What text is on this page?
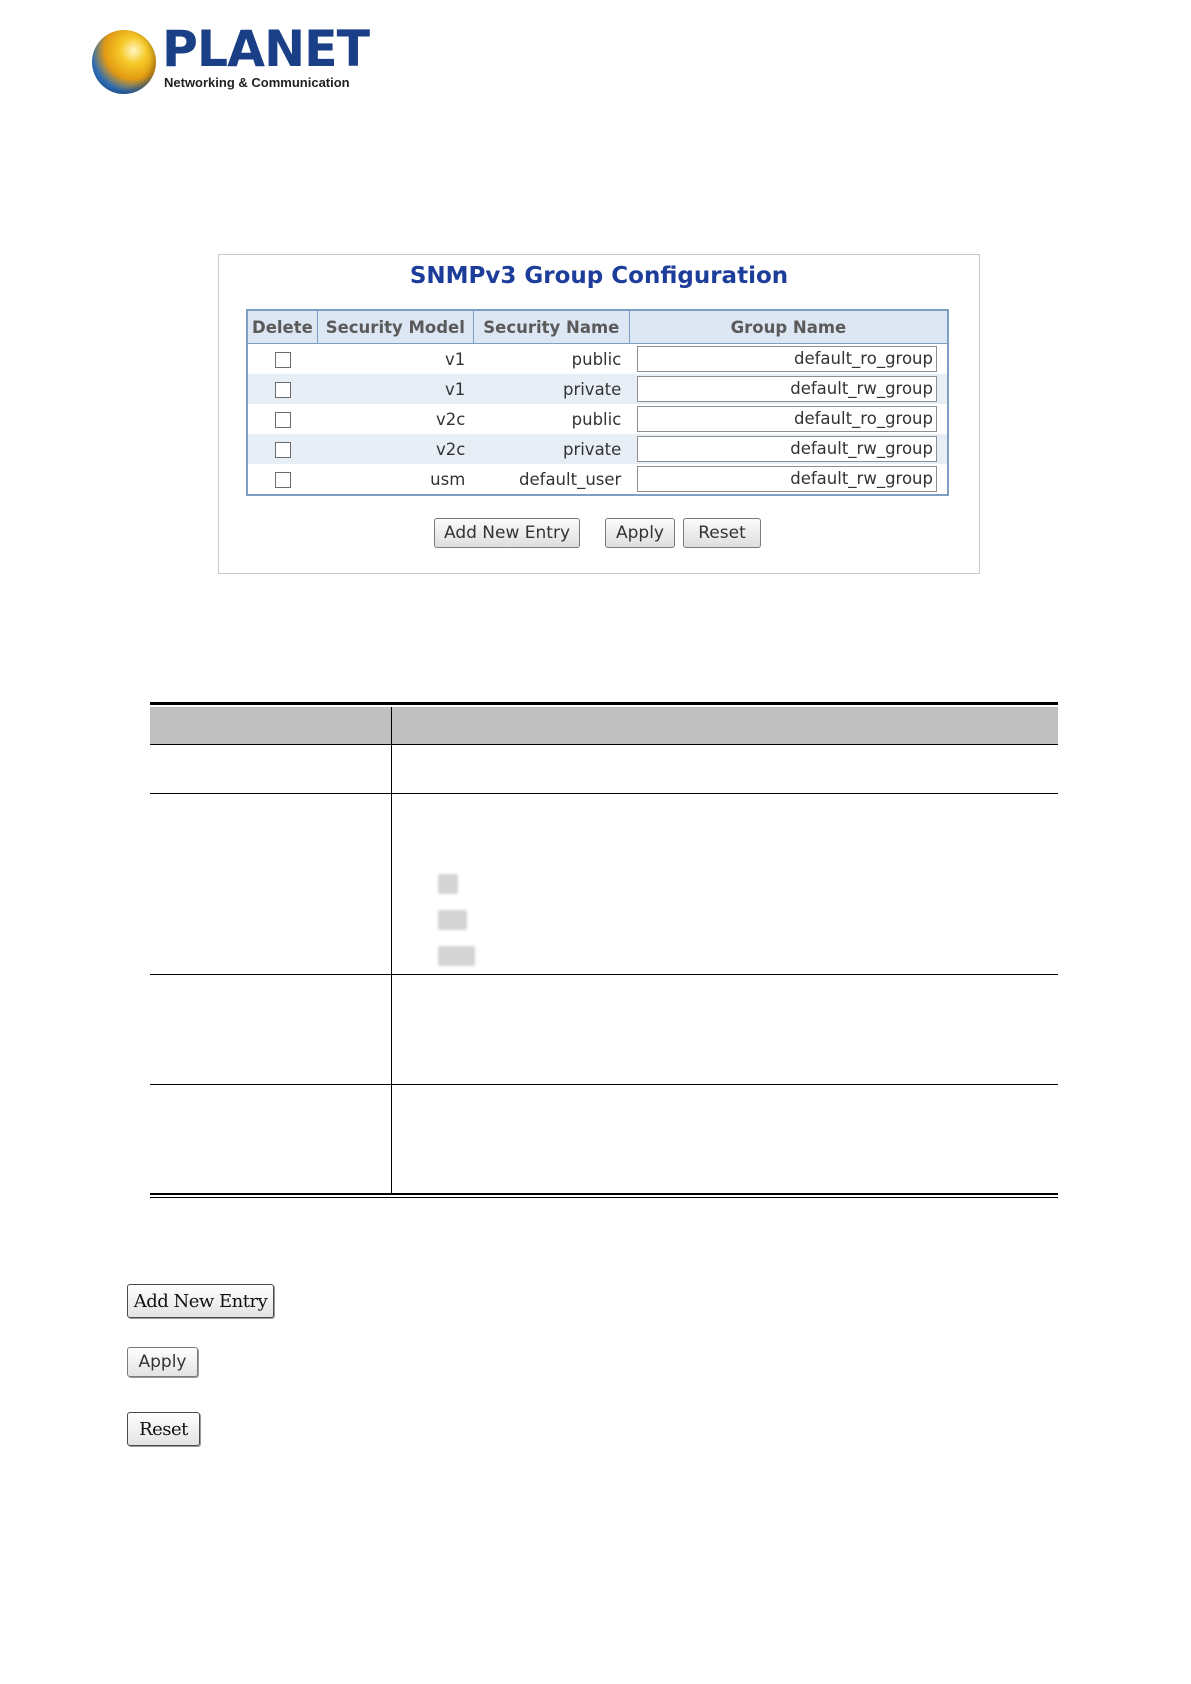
PLANET
Networking & Communication
SNMPv3 Group Configuration
Delete	Security Model	Security Name	Group Name
	v1	public	default_ro_group

	v1	private	default_rw_group

	v2c	public	default_ro_group

	v2c	private	default_rw_group

	usm	default_user	default_rw_group
Add New Entry	Apply	Reset
Add New Entry
Apply
Reset
